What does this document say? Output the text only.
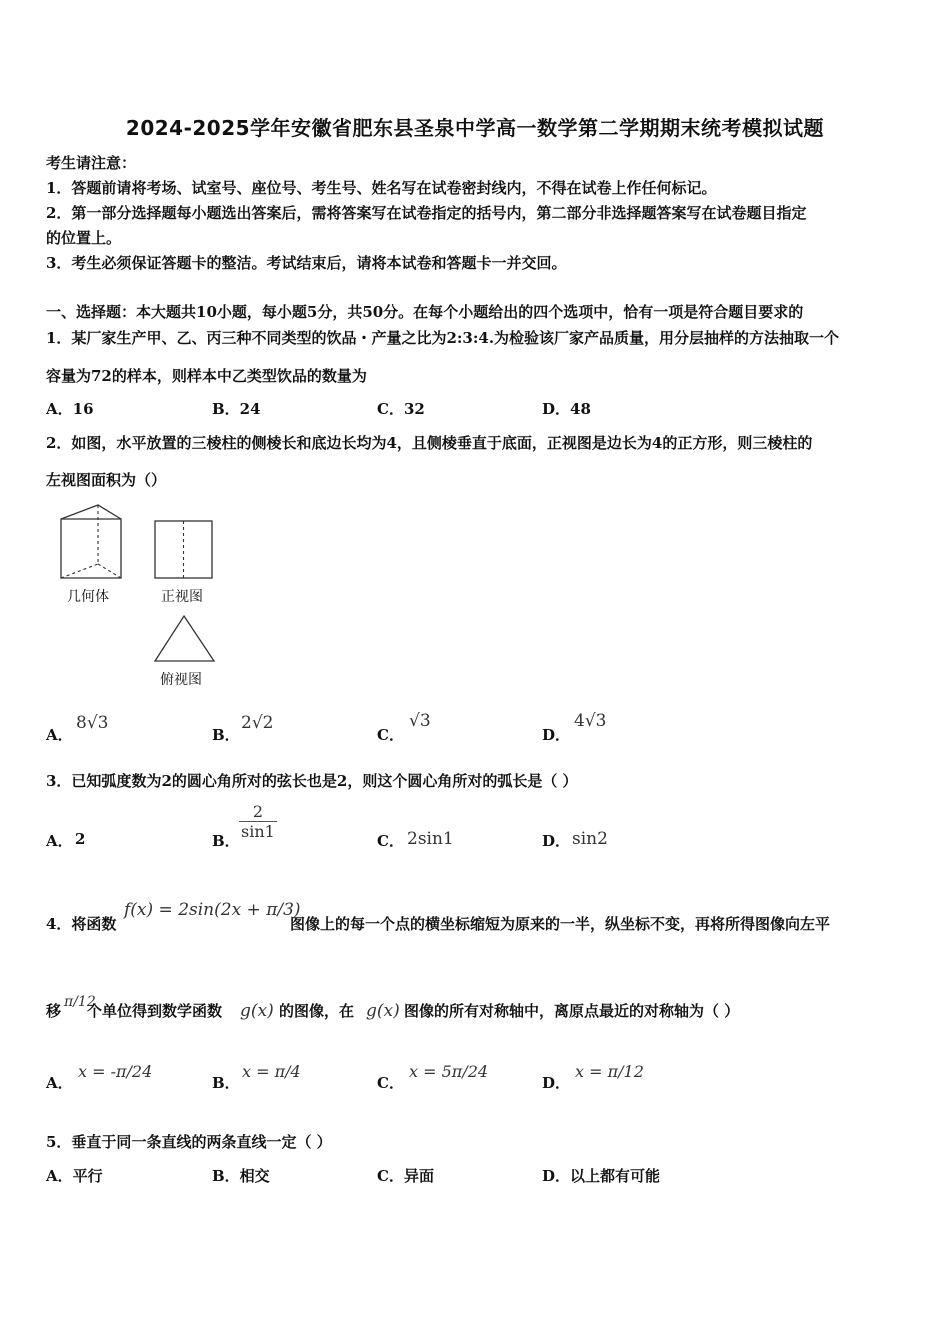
2024-2025学年安徽省肥东县圣泉中学高一数学第二学期期末统考模拟试题
考生请注意：
1．答题前请将考场、试室号、座位号、考生号、姓名写在试卷密封线内，不得在试卷上作任何标记。
2．第一部分选择题每小题选出答案后，需将答案写在试卷指定的括号内，第二部分非选择题答案写在试卷题目指定
的位置上。
3．考生必须保证答题卡的整洁。考试结束后，请将本试卷和答题卡一并交回。
一、选择题：本大题共10小题，每小题5分，共50分。在每个小题给出的四个选项中，恰有一项是符合题目要求的
1．某厂家生产甲、乙、丙三种不同类型的饮品・产量之比为2:3:4.为检验该厂家产品质量，用分层抽样的方法抽取一个
容量为72的样本，则样本中乙类型饮品的数量为
A．16	B．24	C．32	D．48
2．如图，水平放置的三棱柱的侧棱长和底边长均为4，且侧棱垂直于底面，正视图是边长为4的正方形，则三棱柱的
左视图面积为（）
几何体	正视图
俯视图
A．
8√3
B．
2√2
C．
√3
D．
4√3
3．已知弧度数为2的圆心角所对的弦长也是2，则这个圆心角所对的弧长是（ ）
A． 2	B． $\frac{2}{\sin 1}$	C． 2sin1	D． sin2
4．将函数
f(x) = 2sin(2x + π/3)
图像上的每一个点的横坐标缩短为原来的一半，纵坐标不变，再将所得图像向左平
移 π/12
个单位得到数学函数 g(x) 的图像，在 g(x) 图像的所有对称轴中，离原点最近的对称轴为（ ）
A．
x = -π/24
B．
x = π/4
C．
x = 5π/24
D．
x = π/12
5．垂直于同一条直线的两条直线一定（ ）
A．平行	B．相交	C．异面	D．以上都有可能
